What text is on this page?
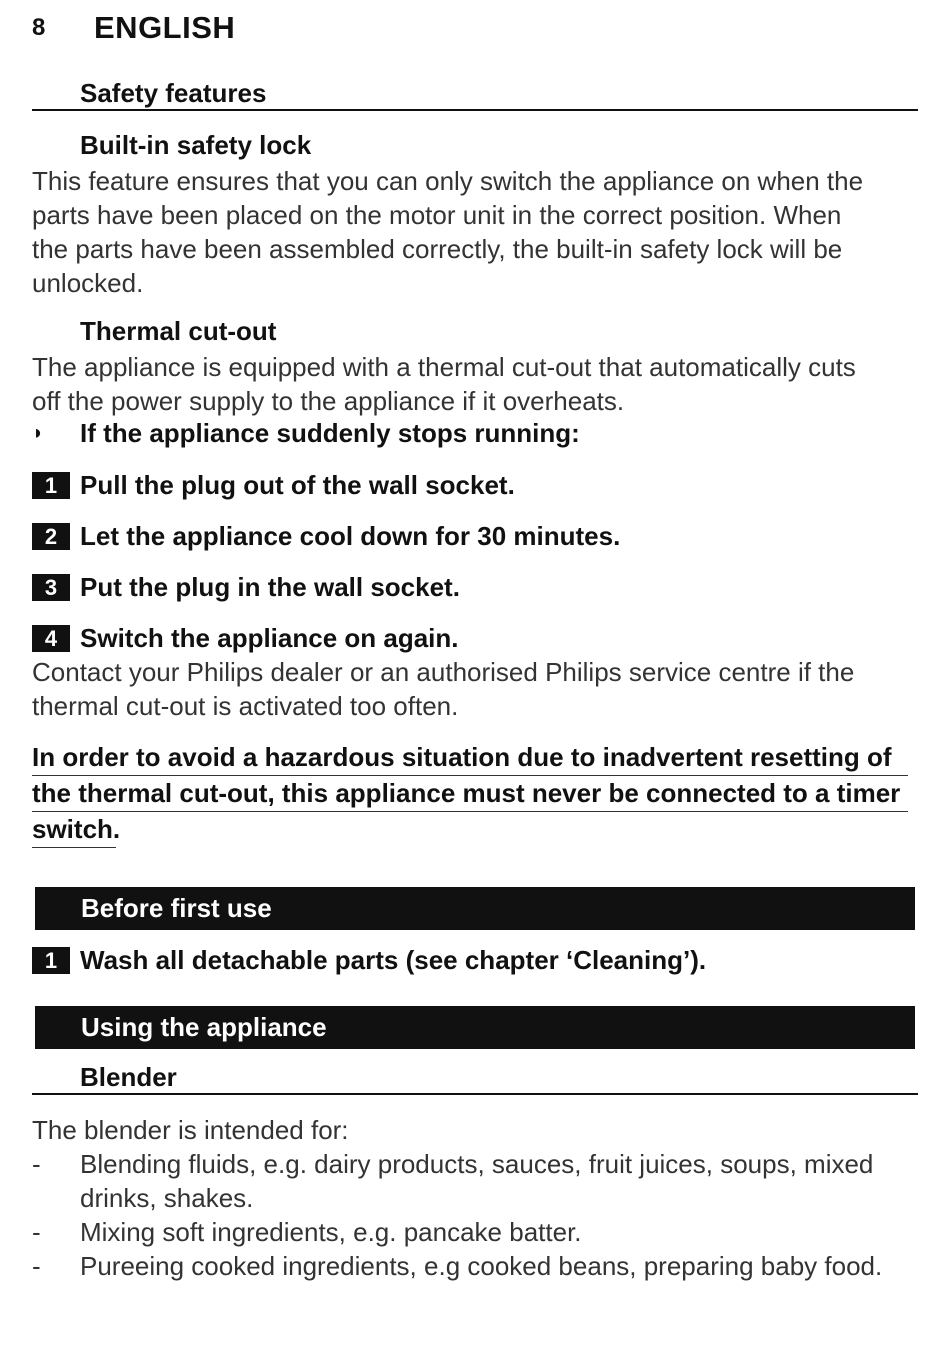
8	ENGLISH
Safety features
Built-in safety lock
This feature ensures that you can only switch the appliance on when the
parts have been placed on the motor unit in the correct position. When
the parts have been assembled correctly, the built-in safety lock will be
unlocked.
Thermal cut-out
The appliance is equipped with a thermal cut-out that automatically cuts
off the power supply to the appliance if it overheats.
◗	If the appliance suddenly stops running:
1 Pull the plug out of the wall socket.
2 Let the appliance cool down for 30 minutes.
3 Put the plug in the wall socket.
4 Switch the appliance on again.
Contact your Philips dealer or an authorised Philips service centre if the
thermal cut-out is activated too often.
In order to avoid a hazardous situation due to inadvertent resetting of
the thermal cut-out, this appliance must never be connected to a timer
switch.
Before first use
1 Wash all detachable parts (see chapter ‘Cleaning’).
Using the appliance
Blender
The blender is intended for:
-	Blending fluids, e.g. dairy products, sauces, fruit juices, soups, mixed
drinks, shakes.
-	Mixing soft ingredients, e.g. pancake batter.
-	Pureeing cooked ingredients, e.g cooked beans, preparing baby food.
